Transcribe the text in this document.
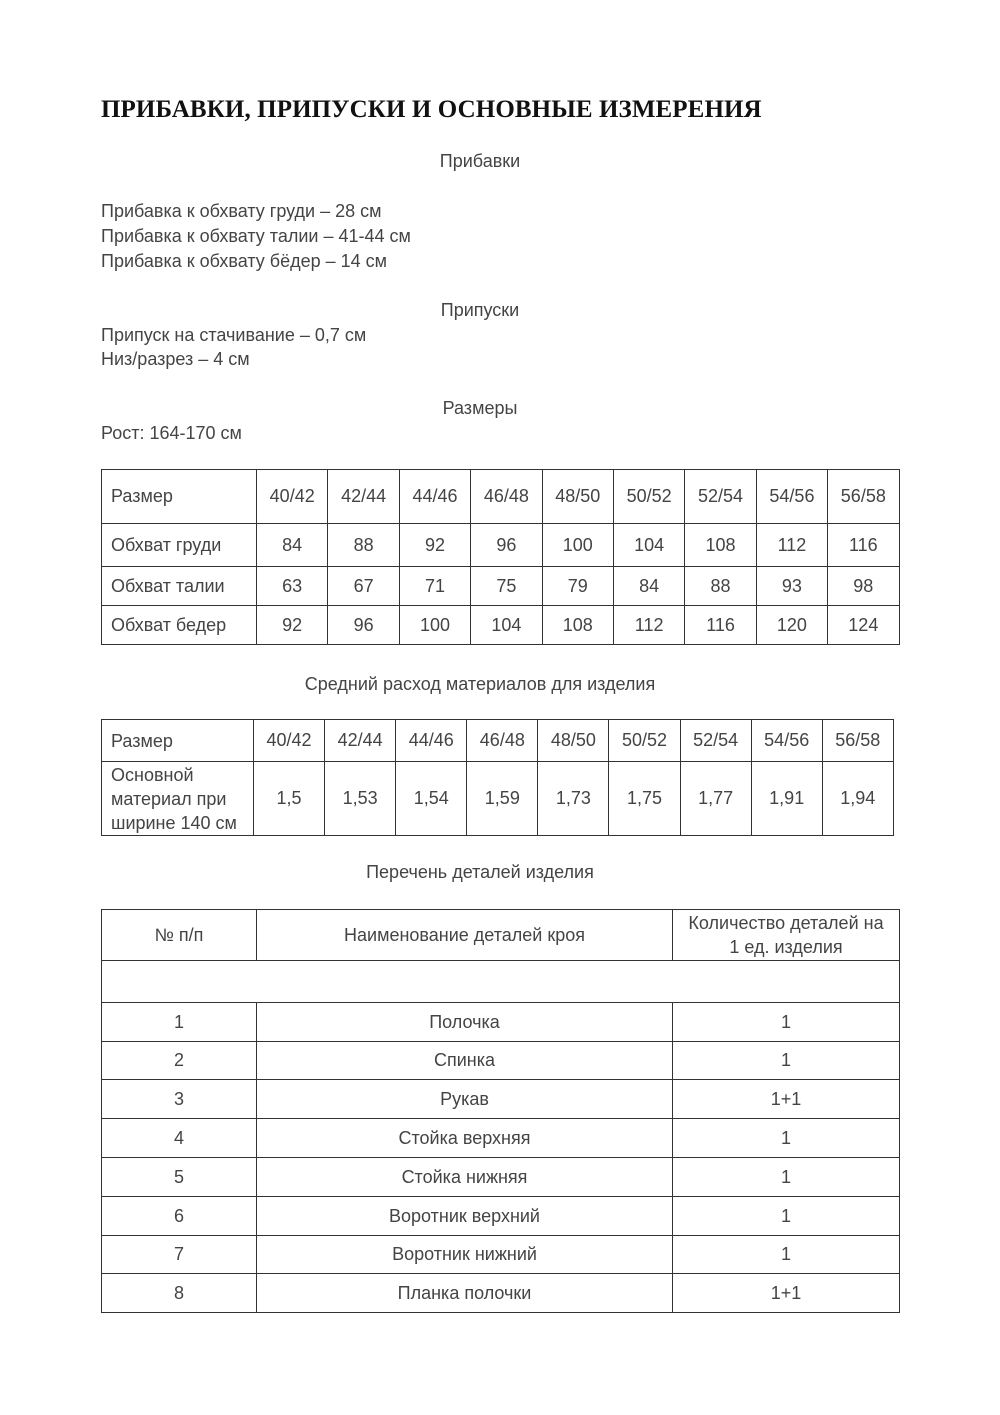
ПРИБАВКИ, ПРИПУСКИ И ОСНОВНЫЕ ИЗМЕРЕНИЯ
Прибавки
Прибавка к обхвату груди – 28 см
Прибавка к обхвату талии – 41-44 см
Прибавка к обхвату бёдер – 14 см
Припуски
Припуск на стачивание – 0,7 см
Низ/разрез – 4 см
Размеры
Рост: 164-170 см
Размер	40/42	42/44	44/46	46/48	48/50	50/52	52/54	54/56	56/58
Обхват груди	84	88	92	96	100	104	108	112	116
Обхват талии	63	67	71	75	79	84	88	93	98
Обхват бедер	92	96	100	104	108	112	116	120	124
Средний расход материалов для изделия
Размер	40/42	42/44	44/46	46/48	48/50	50/52	52/54	54/56	56/58

Основной
материал при
ширине 140 см	1,5	1,53	1,54	1,59	1,73	1,75	1,77	1,91	1,94
Перечень деталей изделия
№ п/п	Наименование деталей кроя	Количество деталей на
1 ед. изделия

1	Полочка	1
2	Спинка	1
3	Рукав	1+1
4	Стойка верхняя	1
5	Стойка нижняя	1
6	Воротник верхний	1
7	Воротник нижний	1
8	Планка полочки	1+1
